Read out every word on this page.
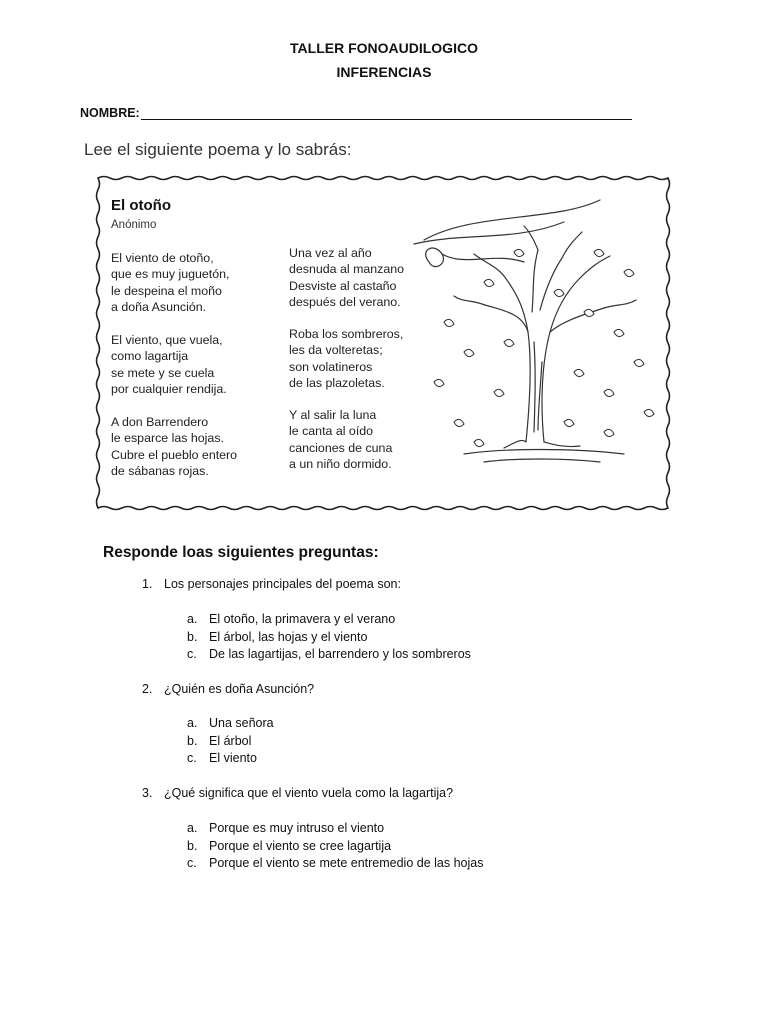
TALLER FONOAUDILOGICO
INFERENCIAS
NOMBRE:
Lee el siguiente poema y lo sabrás:
El otoño
Anónimo
El viento de otoño,
que es muy juguetón,
le despeina el moño
a doña Asunción.
El viento, que vuela,
como lagartija
se mete y se cuela
por cualquier rendija.
A don Barrendero
le esparce las hojas.
Cubre el pueblo entero
de sábanas rojas.
Una vez al año
desnuda al manzano
Desviste al castaño
después del verano.
Roba los sombreros,
les da volteretas;
son volatineros
de las plazoletas.
Y al salir la luna
le canta al oído
canciones de cuna
a un niño dormido.
Responde loas siguientes preguntas:
1. Los personajes principales del poema son:
a. El otoño, la primavera y el verano
b. El árbol, las hojas y el viento
c. De las lagartijas, el barrendero y los sombreros
2. ¿Quién es doña Asunción?
a. Una señora
b. El árbol
c. El viento
3. ¿Qué significa que el viento vuela como la lagartija?
a. Porque es muy intruso el viento
b. Porque el viento se cree lagartija
c. Porque el viento se mete entremedio de las hojas
